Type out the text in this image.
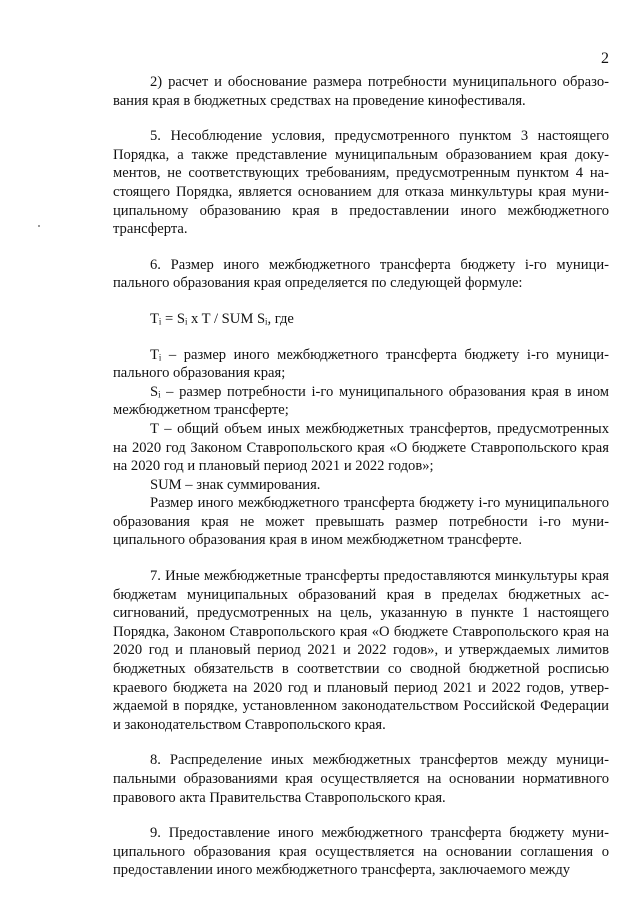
2

2) расчет и обоснование размера потребности муниципального образования края в бюджетных средствах на проведение кинофестиваля.

5. Несоблюдение условия, предусмотренного пунктом 3 настоящего Порядка, а также представление муниципальным образованием края документов, не соответствующих требованиям, предусмотренным пунктом 4 настоящего Порядка, является основанием для отказа минкультуры края муниципальному образованию края в предоставлении иного межбюджетного трансферта.

6. Размер иного межбюджетного трансферта бюджету i-го муниципального образования края определяется по следующей формуле:

Tᵢ = Sᵢ x T / SUM Sᵢ, где

Tᵢ – размер иного межбюджетного трансферта бюджету i-го муниципального образования края;

Sᵢ – размер потребности i-го муниципального образования края в ином межбюджетном трансферте;

T – общий объем иных межбюджетных трансфертов, предусмотренных на 2020 год Законом Ставропольского края «О бюджете Ставропольского края на 2020 год и плановый период 2021 и 2022 годов»;

SUM – знак суммирования.

Размер иного межбюджетного трансферта бюджету i-го муниципального образования края не может превышать размер потребности i-го муниципального образования края в ином межбюджетном трансферте.

7. Иные межбюджетные трансферты предоставляются минкультуры края бюджетам муниципальных образований края в пределах бюджетных ассигнований, предусмотренных на цель, указанную в пункте 1 настоящего Порядка, Законом Ставропольского края «О бюджете Ставропольского края на 2020 год и плановый период 2021 и 2022 годов», и утверждаемых лимитов бюджетных обязательств в соответствии со сводной бюджетной росписью краевого бюджета на 2020 год и плановый период 2021 и 2022 годов, утверждаемой в порядке, установленном законодательством Российской Федерации и законодательством Ставропольского края.

8. Распределение иных межбюджетных трансфертов между муниципальными образованиями края осуществляется на основании нормативного правового акта Правительства Ставропольского края.

9. Предоставление иного межбюджетного трансферта бюджету муниципального образования края осуществляется на основании соглашения о предоставлении иного межбюджетного трансферта, заключаемого между
